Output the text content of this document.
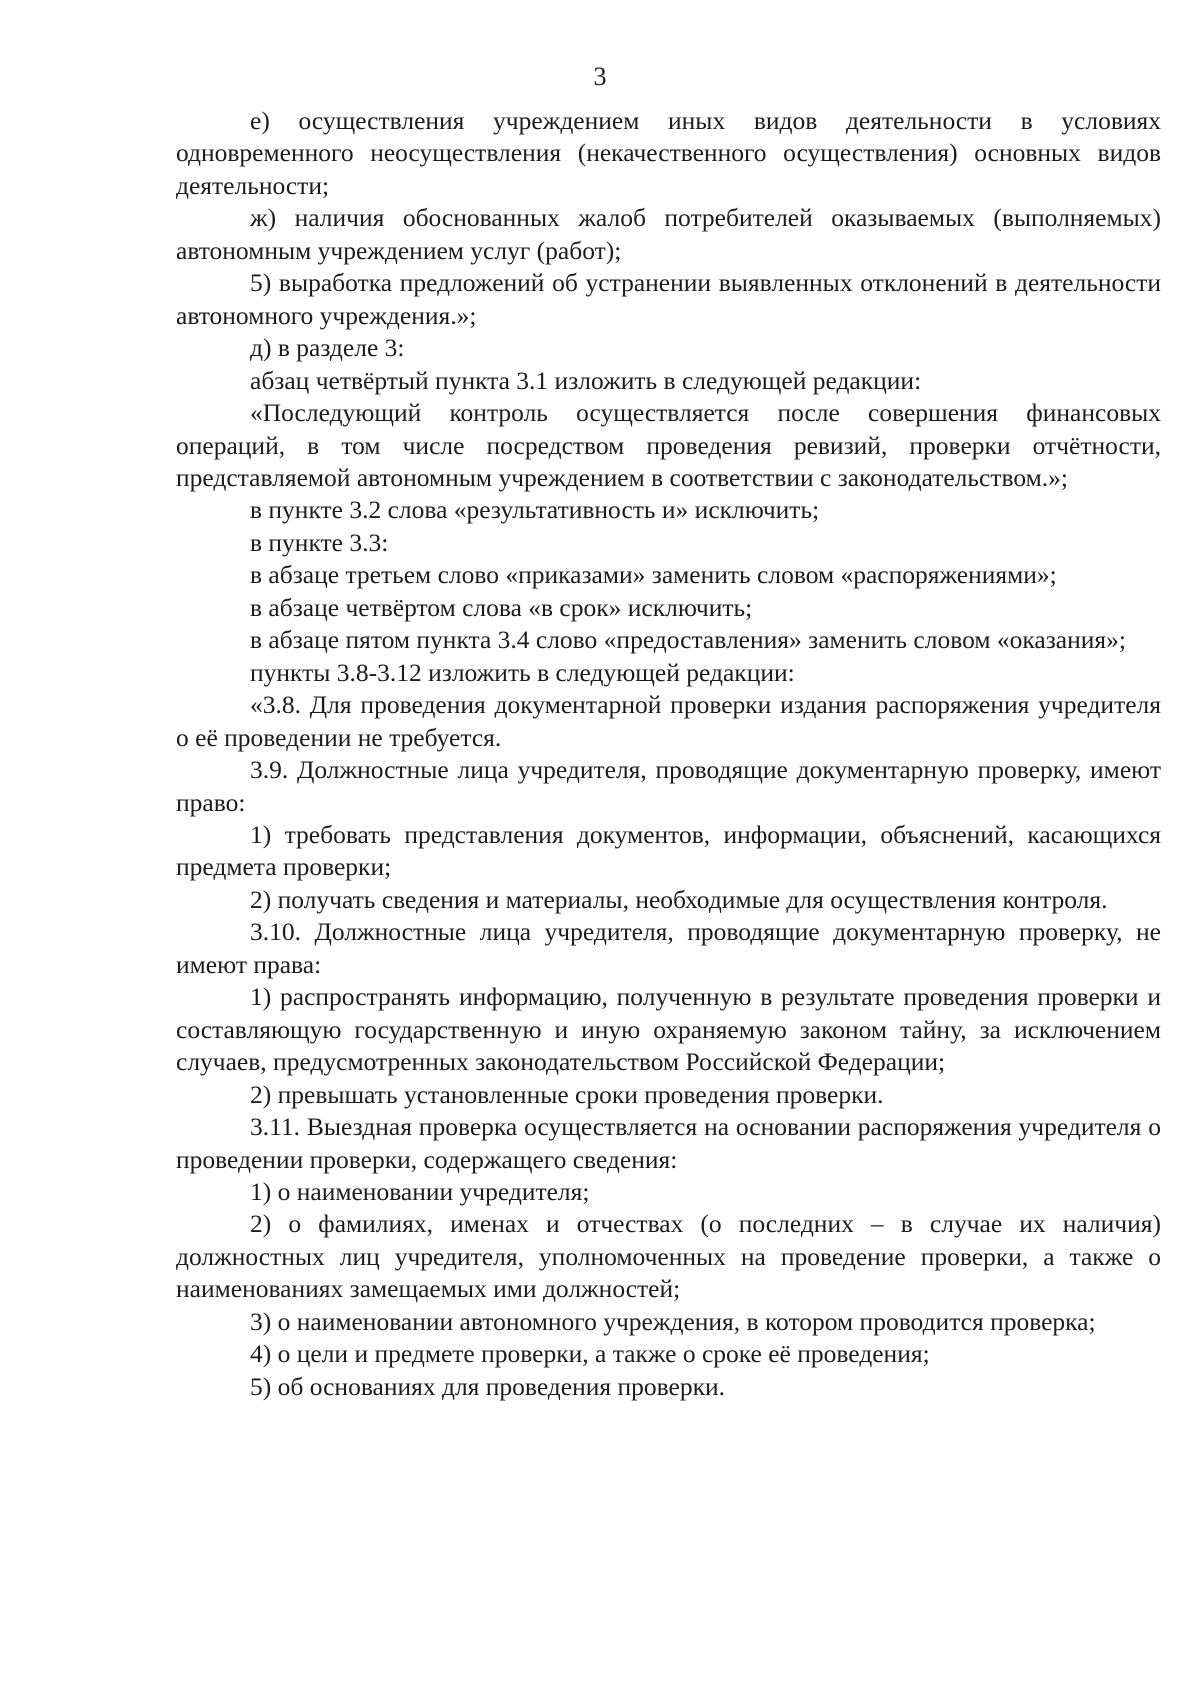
3

е) осуществления учреждением иных видов деятельности в условиях одновременного неосуществления (некачественного осуществления) основных видов деятельности;

ж) наличия обоснованных жалоб потребителей оказываемых (выполняемых) автономным учреждением услуг (работ);

5) выработка предложений об устранении выявленных отклонений в деятельности автономного учреждения.»;

д) в разделе 3:

абзац четвёртый пункта 3.1 изложить в следующей редакции:

«Последующий контроль осуществляется после совершения финансовых операций, в том числе посредством проведения ревизий, проверки отчётности, представляемой автономным учреждением в соответствии с законодательством.»;

в пункте 3.2 слова «результативность и» исключить;

в пункте 3.3:

в абзаце третьем слово «приказами» заменить словом «распоряжениями»;

в абзаце четвёртом слова «в срок» исключить;

в абзаце пятом пункта 3.4 слово «предоставления» заменить словом «оказания»;

пункты 3.8-3.12 изложить в следующей редакции:

«3.8. Для проведения документарной проверки издания распоряжения учредителя о её проведении не требуется.

3.9. Должностные лица учредителя, проводящие документарную проверку, имеют право:

1) требовать представления документов, информации, объяснений, касающихся предмета проверки;

2) получать сведения и материалы, необходимые для осуществления контроля.

3.10. Должностные лица учредителя, проводящие документарную проверку, не имеют права:

1) распространять информацию, полученную в результате проведения проверки и составляющую государственную и иную охраняемую законом тайну, за исключением случаев, предусмотренных законодательством Российской Федерации;

2) превышать установленные сроки проведения проверки.

3.11. Выездная проверка осуществляется на основании распоряжения учредителя о проведении проверки, содержащего сведения:

1) о наименовании учредителя;

2) о фамилиях, именах и отчествах (о последних – в случае их наличия) должностных лиц учредителя, уполномоченных на проведение проверки, а также о наименованиях замещаемых ими должностей;

3) о наименовании автономного учреждения, в котором проводится проверка;

4) о цели и предмете проверки, а также о сроке её проведения;

5) об основаниях для проведения проверки.
